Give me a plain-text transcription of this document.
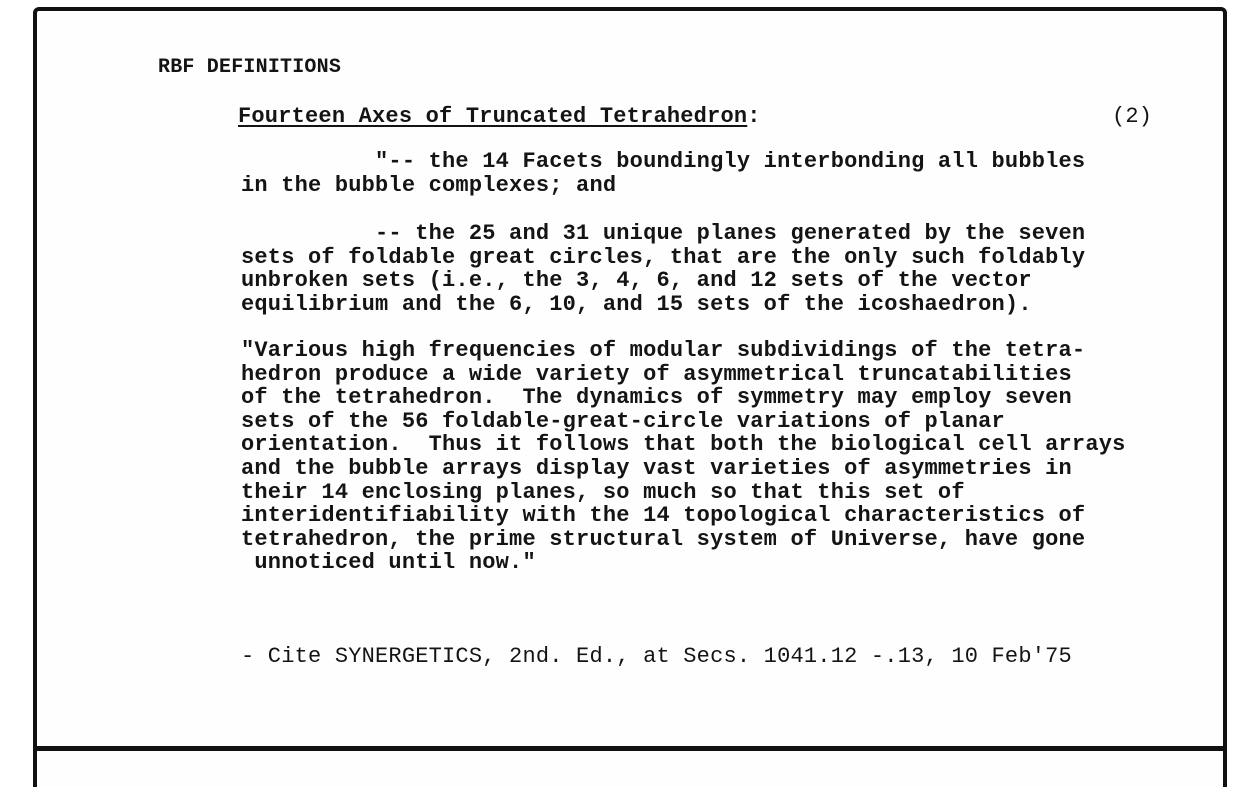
RBF DEFINITIONS
Fourteen Axes of Truncated Tetrahedron:	(2)
"-- the 14 Facets boundingly interbonding all bubbles
in the bubble complexes; and
-- the 25 and 31 unique planes generated by the seven
sets of foldable great circles, that are the only such foldably
unbroken sets (i.e., the 3, 4, 6, and 12 sets of the vector
equilibrium and the 6, 10, and 15 sets of the icoshaedron).
"Various high frequencies of modular subdividings of the tetra-
hedron produce a wide variety of asymmetrical truncatabilities
of the tetrahedron.  The dynamics of symmetry may employ seven
sets of the 56 foldable-great-circle variations of planar
orientation.  Thus it follows that both the biological cell arrays
and the bubble arrays display vast varieties of asymmetries in
their 14 enclosing planes, so much so that this set of
interidentifiability with the 14 topological characteristics of
tetrahedron, the prime structural system of Universe, have gone
unnoticed until now."
- Cite SYNERGETICS, 2nd. Ed., at Secs. 1041.12 -.13, 10 Feb'75
